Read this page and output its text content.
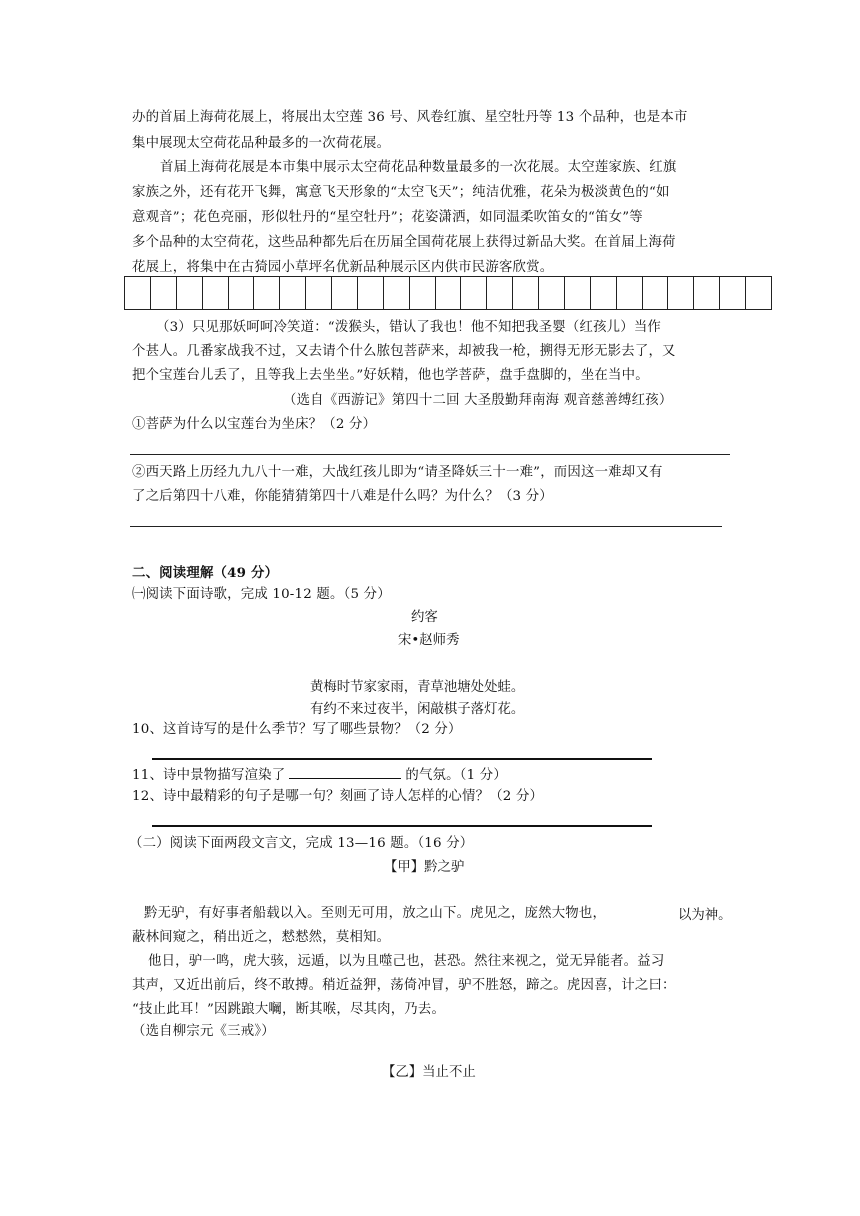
办的首届上海荷花展上，将展出太空莲 36 号、风卷红旗、星空牡丹等 13 个品种，也是本市
集中展现太空荷花品种最多的一次荷花展。
首届上海荷花展是本市集中展示太空荷花品种数量最多的一次花展。太空莲家族、红旗
家族之外，还有花开飞舞，寓意飞天形象的“太空飞天”；纯洁优雅，花朵为极淡黄色的“如
意观音”；花色亮丽，形似牡丹的“星空牡丹”；花姿潇洒，如同温柔吹笛女的“笛女”等
多个品种的太空荷花，这些品种都先后在历届全国荷花展上获得过新品大奖。在首届上海荷
花展上，将集中在古猗园小草坪名优新品种展示区内供市民游客欣赏。
（3）只见那妖呵呵冷笑道：“泼猴头，错认了我也！他不知把我圣婴（红孩儿）当作
个甚人。几番家战我不过，又去请个什么脓包菩萨来，却被我一枪，搠得无形无影去了，又
把个宝莲台儿丢了，且等我上去坐坐。”好妖精，他也学菩萨，盘手盘脚的，坐在当中。
（选自《西游记》第四十二回 大圣殷勤拜南海 观音慈善缚红孩）
①菩萨为什么以宝莲台为坐床？（2 分）
②西天路上历经九九八十一难，大战红孩儿即为“请圣降妖三十一难”，而因这一难却又有
了之后第四十八难，你能猜猜第四十八难是什么吗？为什么？（3 分）
二、阅读理解（49 分）
㈠阅读下面诗歌，完成 10-12 题。（5 分）
约客
宋•赵师秀
黄梅时节家家雨，青草池塘处处蛙。
有约不来过夜半，闲敲棋子落灯花。
10、这首诗写的是什么季节？写了哪些景物？（2 分）
11、诗中景物描写渲染了	的气氛。（1 分）
12、诗中最精彩的句子是哪一句？刻画了诗人怎样的心情？（2 分）
（二）阅读下面两段文言文，完成 13—16 题。（16 分）
【甲】黔之驴
黔无驴，有好事者船载以入。至则无可用，放之山下。虎见之，庞然大物也，	以为神。
蔽林间窥之，稍出近之，慭慭然，莫相知。
他日，驴一鸣，虎大骇，远遁，以为且噬己也，甚恐。然往来视之，觉无异能者。益习
其声，又近出前后，终不敢搏。稍近益狎，荡倚冲冒，驴不胜怒，蹄之。虎因喜，计之曰：
“技止此耳！”因跳踉大㘎，断其喉，尽其肉，乃去。
（选自柳宗元《三戒》）
【乙】当止不止
